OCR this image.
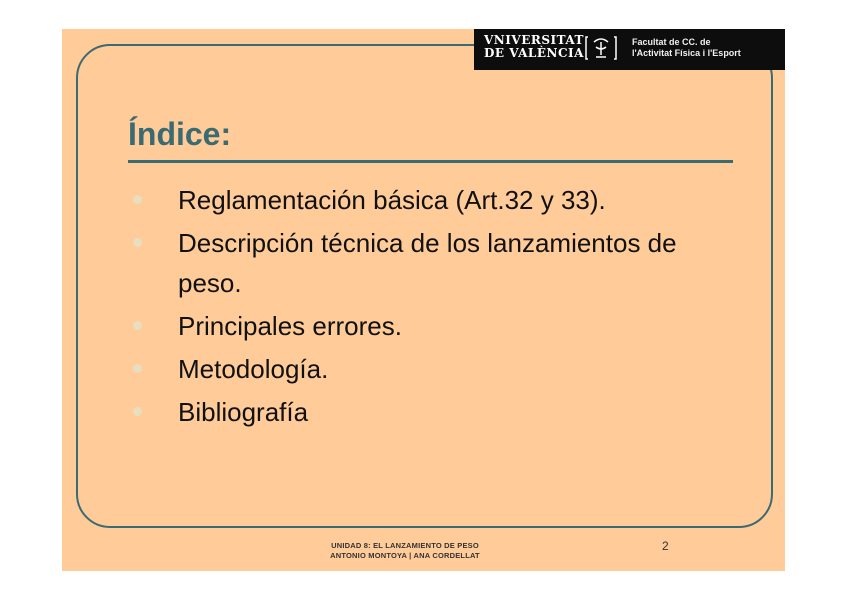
VNIVERSITAT
DE VALÈNCIA
Facultat de CC. de
l'Activitat Física i l'Esport
Índice:
Reglamentación básica (Art.32 y 33).
Descripción técnica de los lanzamientos de peso.
Principales errores.
Metodología.
Bibliografía
UNIDAD 8: EL LANZAMIENTO DE PESO
ANTONIO MONTOYA | ANA CORDELLAT
2
